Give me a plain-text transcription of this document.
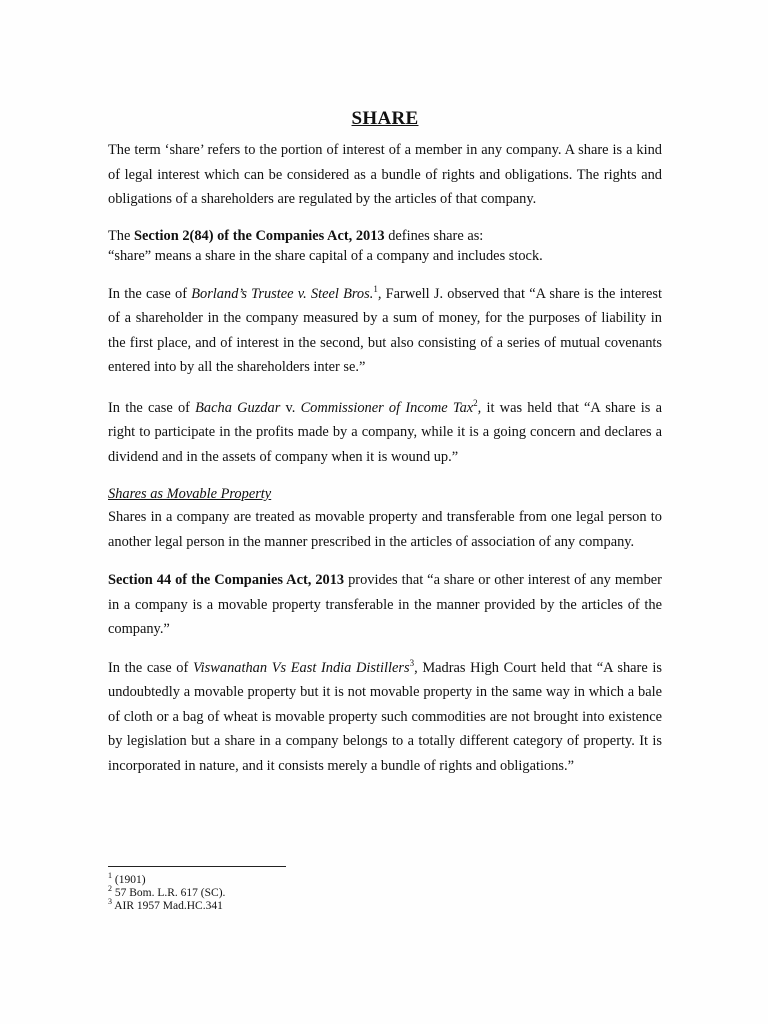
SHARE

The term ‘share’ refers to the portion of interest of a member in any company. A share is a kind of legal interest which can be considered as a bundle of rights and obligations. The rights and obligations of a shareholders are regulated by the articles of that company.

The Section 2(84) of the Companies Act, 2013 defines share as:
“share” means a share in the share capital of a company and includes stock.

In the case of Borland’s Trustee v. Steel Bros.$^1$, Farwell J. observed that “A share is the interest of a shareholder in the company measured by a sum of money, for the purposes of liability in the first place, and of interest in the second, but also consisting of a series of mutual covenants entered into by all the shareholders inter se.”

In the case of Bacha Guzdar v. Commissioner of Income Tax$^2$, it was held that “A share is a right to participate in the profits made by a company, while it is a going concern and declares a dividend and in the assets of company when it is wound up.”

Shares as Movable Property

Shares in a company are treated as movable property and transferable from one legal person to another legal person in the manner prescribed in the articles of association of any company.

Section 44 of the Companies Act, 2013 provides that “a share or other interest of any member in a company is a movable property transferable in the manner provided by the articles of the company.”

In the case of Viswanathan Vs East India Distillers$^3$, Madras High Court held that “A share is undoubtedly a movable property but it is not movable property in the same way in which a bale of cloth or a bag of wheat is movable property such commodities are not brought into existence by legislation but a share in a company belongs to a totally different category of property. It is incorporated in nature, and it consists merely a bundle of rights and obligations.”

$^1$ (1901)
$^2$ 57 Bom. L.R. 617 (SC).
$^3$ AIR 1957 Mad.HC.341
